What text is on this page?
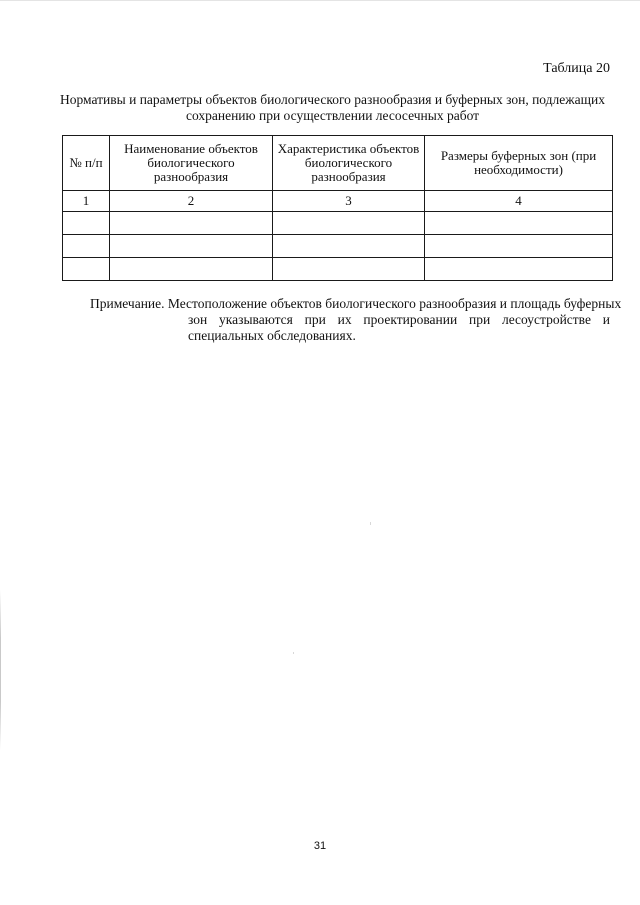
Таблица 20
Нормативы и параметры объектов биологического разнообразия и буферных зон, подлежащих
сохранению при осуществлении лесосечных работ
№ п/п	Наименование объектов биологического разнообразия	Характеристика объектов биологического разнообразия	Размеры буферных зон (при необходимости)
1	2	3	4

Примечание. Местоположение объектов биологического разнообразия и площадь буферных
зон указываются при их проектировании при лесоустройстве и
специальных обследованиях.
31
